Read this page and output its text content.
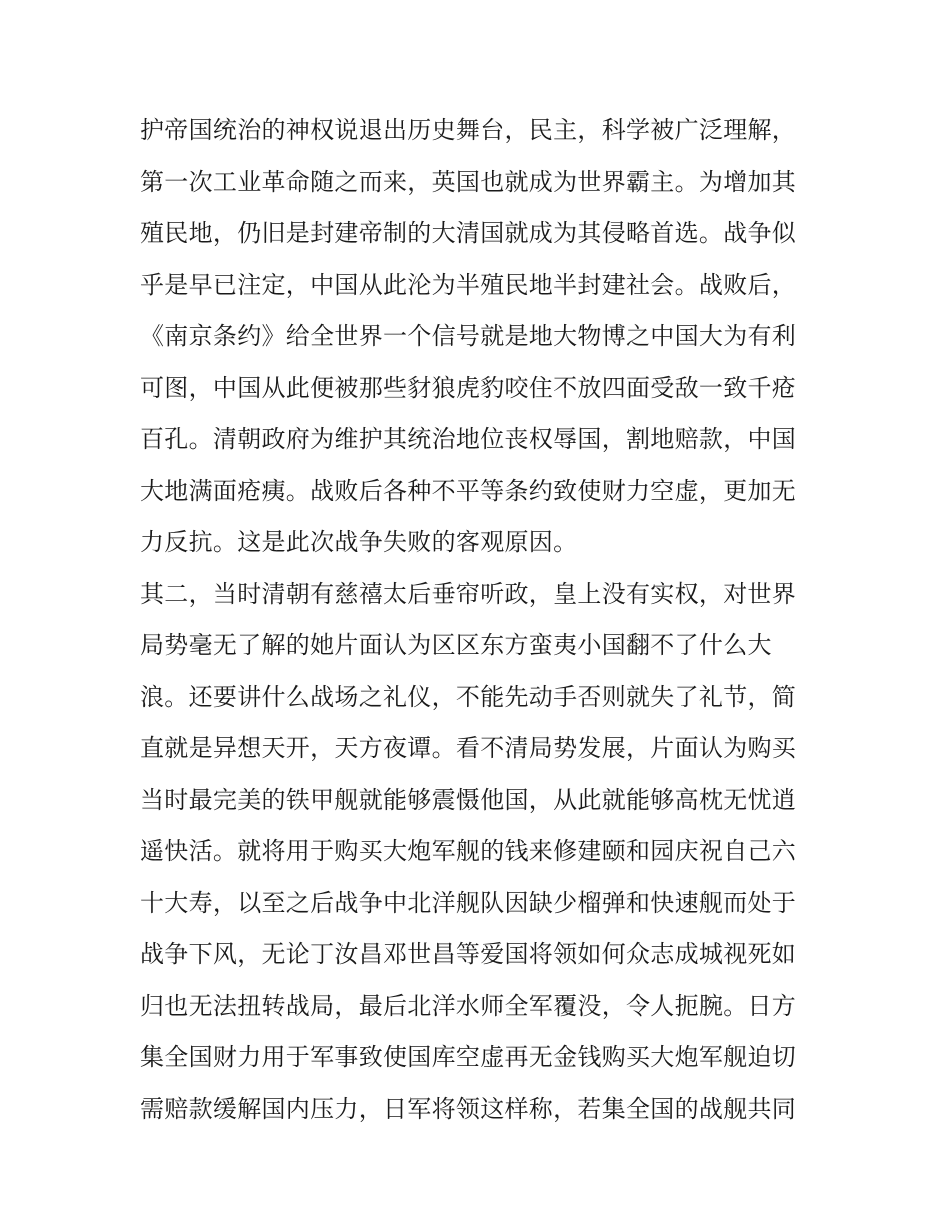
护帝国统治的神权说退出历史舞台，民主，科学被广泛理解，
第一次工业革命随之而来，英国也就成为世界霸主。为增加其
殖民地，仍旧是封建帝制的大清国就成为其侵略首选。战争似
乎是早已注定，中国从此沦为半殖民地半封建社会。战败后，
《南京条约》给全世界一个信号就是地大物博之中国大为有利
可图，中国从此便被那些豺狼虎豹咬住不放四面受敌一致千疮
百孔。清朝政府为维护其统治地位丧权辱国，割地赔款，中国
大地满面疮痍。战败后各种不平等条约致使财力空虚，更加无
力反抗。这是此次战争失败的客观原因。
其二，当时清朝有慈禧太后垂帘听政，皇上没有实权，对世界
局势毫无了解的她片面认为区区东方蛮夷小国翻不了什么大
浪。还要讲什么战场之礼仪，不能先动手否则就失了礼节，简
直就是异想天开，天方夜谭。看不清局势发展，片面认为购买
当时最完美的铁甲舰就能够震慑他国，从此就能够高枕无忧逍
遥快活。就将用于购买大炮军舰的钱来修建颐和园庆祝自己六
十大寿，以至之后战争中北洋舰队因缺少榴弹和快速舰而处于
战争下风，无论丁汝昌邓世昌等爱国将领如何众志成城视死如
归也无法扭转战局，最后北洋水师全军覆没，令人扼腕。日方
集全国财力用于军事致使国库空虚再无金钱购买大炮军舰迫切
需赔款缓解国内压力，日军将领这样称，若集全国的战舰共同
